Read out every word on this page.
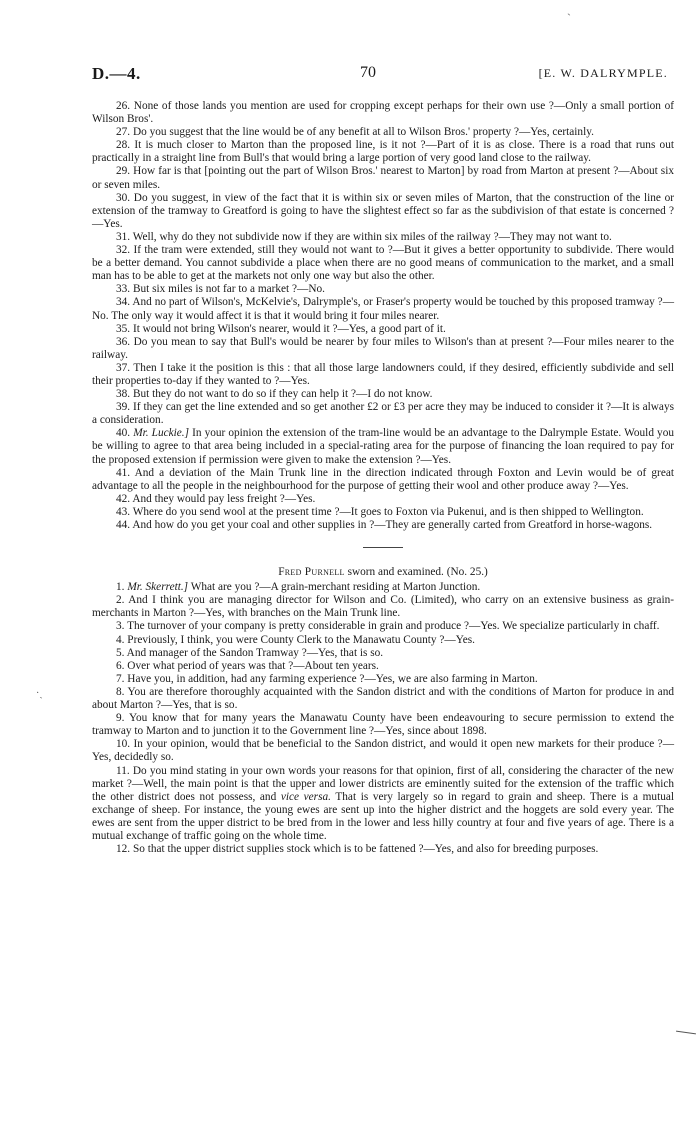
ˏ
D.—4.	70	[E. W. DALRYMPLE.

26. None of those lands you mention are used for cropping except perhaps for their own use ?—Only a small portion of Wilson Bros'.

27. Do you suggest that the line would be of any benefit at all to Wilson Bros.' property ?—Yes, certainly.

28. It is much closer to Marton than the proposed line, is it not ?—Part of it is as close. There is a road that runs out practically in a straight line from Bull's that would bring a large portion of very good land close to the railway.

29. How far is that [pointing out the part of Wilson Bros.' nearest to Marton] by road from Marton at present ?—About six or seven miles.

30. Do you suggest, in view of the fact that it is within six or seven miles of Marton, that the construction of the line or extension of the tramway to Greatford is going to have the slightest effect so far as the subdivision of that estate is concerned ?—Yes.

31. Well, why do they not subdivide now if they are within six miles of the railway ?—They may not want to.

32. If the tram were extended, still they would not want to ?—But it gives a better opportunity to subdivide. There would be a better demand. You cannot subdivide a place when there are no good means of communication to the market, and a small man has to be able to get at the markets not only one way but also the other.

33. But six miles is not far to a market ?—No.

34. And no part of Wilson's, McKelvie's, Dalrymple's, or Fraser's property would be touched by this proposed tramway ?—No. The only way it would affect it is that it would bring it four miles nearer.

35. It would not bring Wilson's nearer, would it ?—Yes, a good part of it.

36. Do you mean to say that Bull's would be nearer by four miles to Wilson's than at present ?—Four miles nearer to the railway.

37. Then I take it the position is this : that all those large landowners could, if they desired, efficiently subdivide and sell their properties to-day if they wanted to ?—Yes.

38. But they do not want to do so if they can help it ?—I do not know.

39. If they can get the line extended and so get another £2 or £3 per acre they may be induced to consider it ?—It is always a consideration.

40. Mr. Luckie.] In your opinion the extension of the tram-line would be an advantage to the Dalrymple Estate. Would you be willing to agree to that area being included in a special-rating area for the purpose of financing the loan required to pay for the proposed extension if permission were given to make the extension ?—Yes.

41. And a deviation of the Main Trunk line in the direction indicated through Foxton and Levin would be of great advantage to all the people in the neighbourhood for the purpose of getting their wool and other produce away ?—Yes.

42. And they would pay less freight ?—Yes.

43. Where do you send wool at the present time ?—It goes to Foxton via Pukenui, and is then shipped to Wellington.

44. And how do you get your coal and other supplies in ?—They are generally carted from Greatford in horse-wagons.

Fred Purnell sworn and examined. (No. 25.)

1. Mr. Skerrett.] What are you ?—A grain-merchant residing at Marton Junction.

2. And I think you are managing director for Wilson and Co. (Limited), who carry on an extensive business as grain-merchants in Marton ?—Yes, with branches on the Main Trunk line.

3. The turnover of your company is pretty considerable in grain and produce ?—Yes. We specialize particularly in chaff.

4. Previously, I think, you were County Clerk to the Manawatu County ?—Yes.

5. And manager of the Sandon Tramway ?—Yes, that is so.

6. Over what period of years was that ?—About ten years.

7. Have you, in addition, had any farming experience ?—Yes, we are also farming in Marton.

8. You are therefore thoroughly acquainted with the Sandon district and with the conditions of Marton for produce in and about Marton ?—Yes, that is so.

9. You know that for many years the Manawatu County have been endeavouring to secure permission to extend the tramway to Marton and to junction it to the Government line ?—Yes, since about 1898.

10. In your opinion, would that be beneficial to the Sandon district, and would it open new markets for their produce ?—Yes, decidedly so.

11. Do you mind stating in your own words your reasons for that opinion, first of all, considering the character of the new market ?—Well, the main point is that the upper and lower districts are eminently suited for the extension of the traffic which the other district does not possess, and vice versa. That is very largely so in regard to grain and sheep. There is a mutual exchange of sheep. For instance, the young ewes are sent up into the higher district and the hoggets are sold every year. The ewes are sent from the upper district to be bred from in the lower and less hilly country at four and five years of age. There is a mutual exchange of traffic going on the whole time.

12. So that the upper district supplies stock which is to be fattened ?—Yes, and also for breeding purposes.

·ˎ
